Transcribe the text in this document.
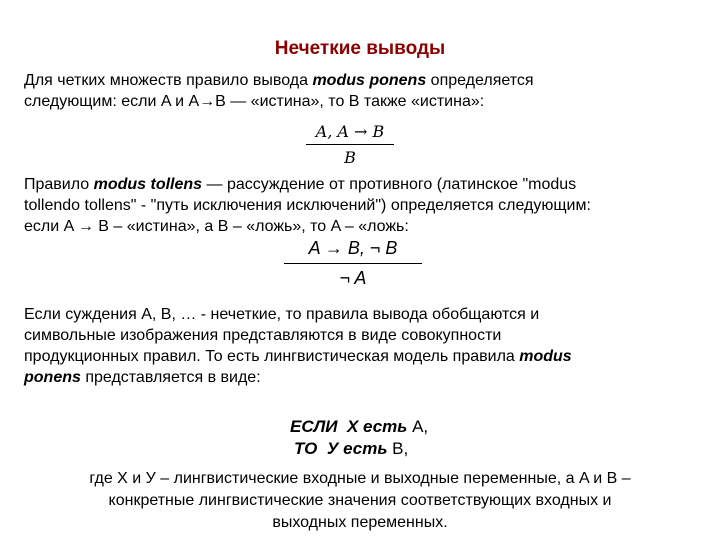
Нечеткие выводы
Для четких множеств правило вывода modus ponens определяется
следующим: если A и A→B — «истина», то B также «истина»:
A, A → B
B
Правило modus tollens — рассуждение от противного (латинское "modus
tollendo tollens" - "путь исключения исключений") определяется следующим:
если A → B – «истина», а B – «ложь», то A – «ложь:
A → B, ¬ B
¬ A
Если суждения A, B, … - нечеткие, то правила вывода обобщаются и
символьные изображения представляются в виде совокупности
продукционных правил. То есть лингвистическая модель правила modus
ponens представляется в виде:
ЕСЛИ X есть A,
ТО У есть B,
где X и У – лингвистические входные и выходные переменные, а A и B –
конкретные лингвистические значения соответствующих входных и
выходных переменных.
